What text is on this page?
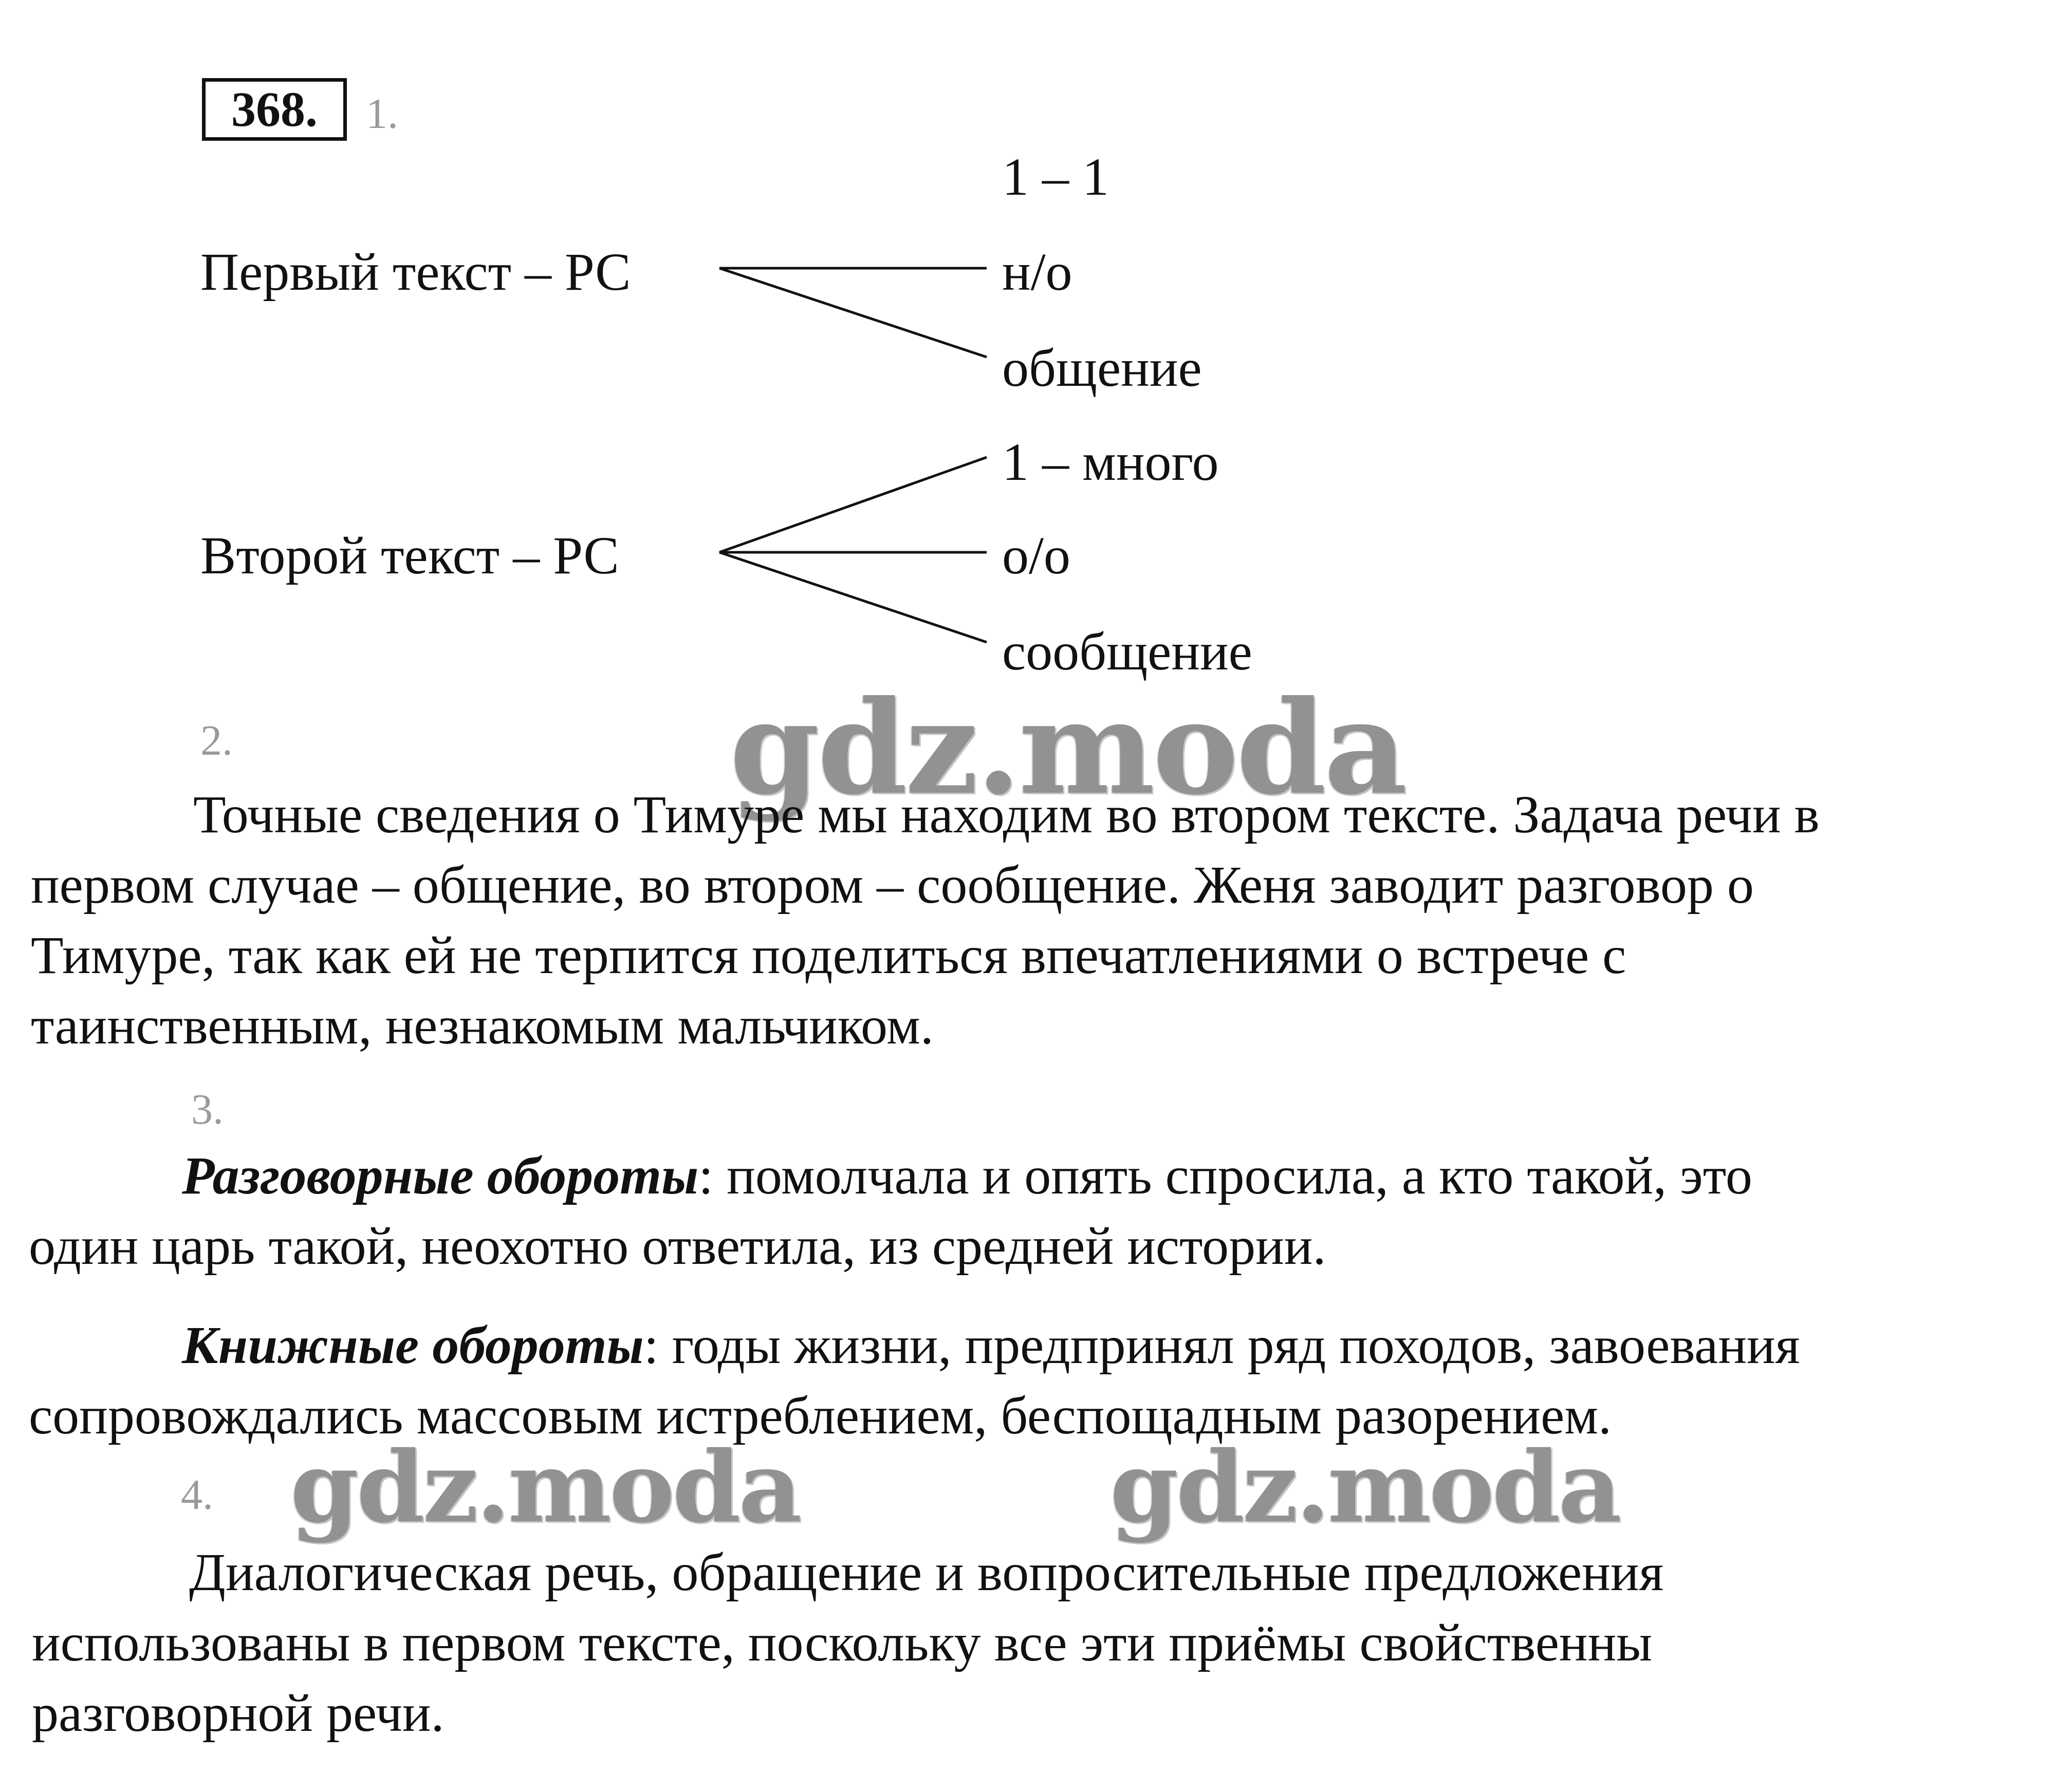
368. 1.
Первый текст – РС
1 – 1
н/о
общение
Второй текст – РС
1 – много
о/о
сообщение
gdz.moda
2.
Точные сведения о Тимуре мы находим во втором тексте. Задача речи в
первом случае – общение, во втором – сообщение. Женя заводит разговор о
Тимуре, так как ей не терпится поделиться впечатлениями о встрече с
таинственным, незнакомым мальчиком.
3.
Разговорные обороты: помолчала и опять спросила, а кто такой, это
один царь такой, неохотно ответила, из средней истории.
Книжные обороты: годы жизни, предпринял ряд походов, завоевания
сопровождались массовым истреблением, беспощадным разорением.
4. gdz.moda	gdz.moda
Диалогическая речь, обращение и вопросительные предложения
использованы в первом тексте, поскольку все эти приёмы свойственны
разговорной речи.
